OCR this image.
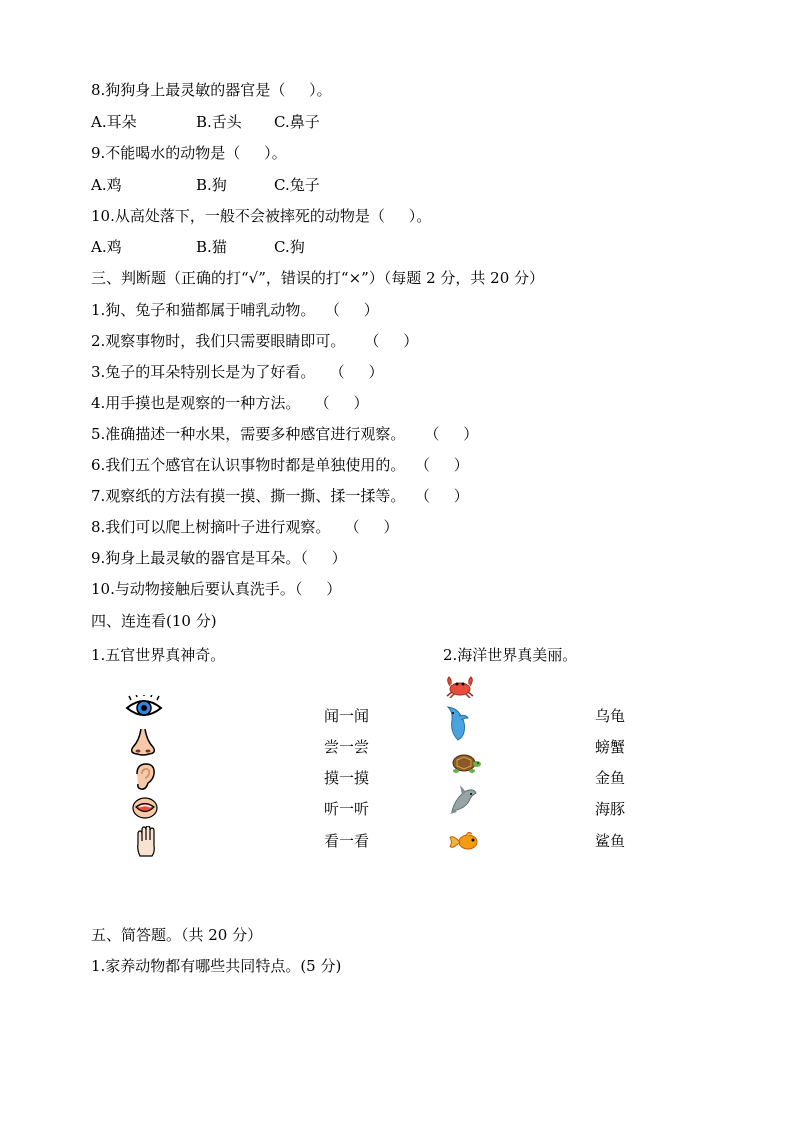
8.狗狗身上最灵敏的器官是（     ）。
A.耳朵	B.舌头 C.鼻子
9.不能喝水的动物是（     ）。
A.鸡	B.狗	C.兔子
10.从高处落下，一般不会被摔死的动物是（     ）。
A.鸡	B.猫	C.狗
三、判断题（正确的打“√”，错误的打“×”）（每题 2 分，共 20 分）
1.狗、兔子和猫都属于哺乳动物。  （     ）
2.观察事物时，我们只需要眼睛即可。    （     ）
3.兔子的耳朵特别长是为了好看。   （     ）
4.用手摸也是观察的一种方法。   （     ）
5.准确描述一种水果，需要多种感官进行观察。    （     ）
6.我们五个感官在认识事物时都是单独使用的。  （     ）
7.观察纸的方法有摸一摸、撕一撕、揉一揉等。  （     ）
8.我们可以爬上树摘叶子进行观察。   （     ）
9.狗身上最灵敏的器官是耳朵。（     ）
10.与动物接触后要认真洗手。（     ）
四、连连看(10 分)
1.五官世界真神奇。	2.海洋世界真美丽。
闻一闻
尝一尝
摸一摸
听一听
看一看
乌龟
螃蟹
金鱼
海豚
鲨鱼
五、简答题。（共 20 分）
1.家养动物都有哪些共同特点。(5 分)
